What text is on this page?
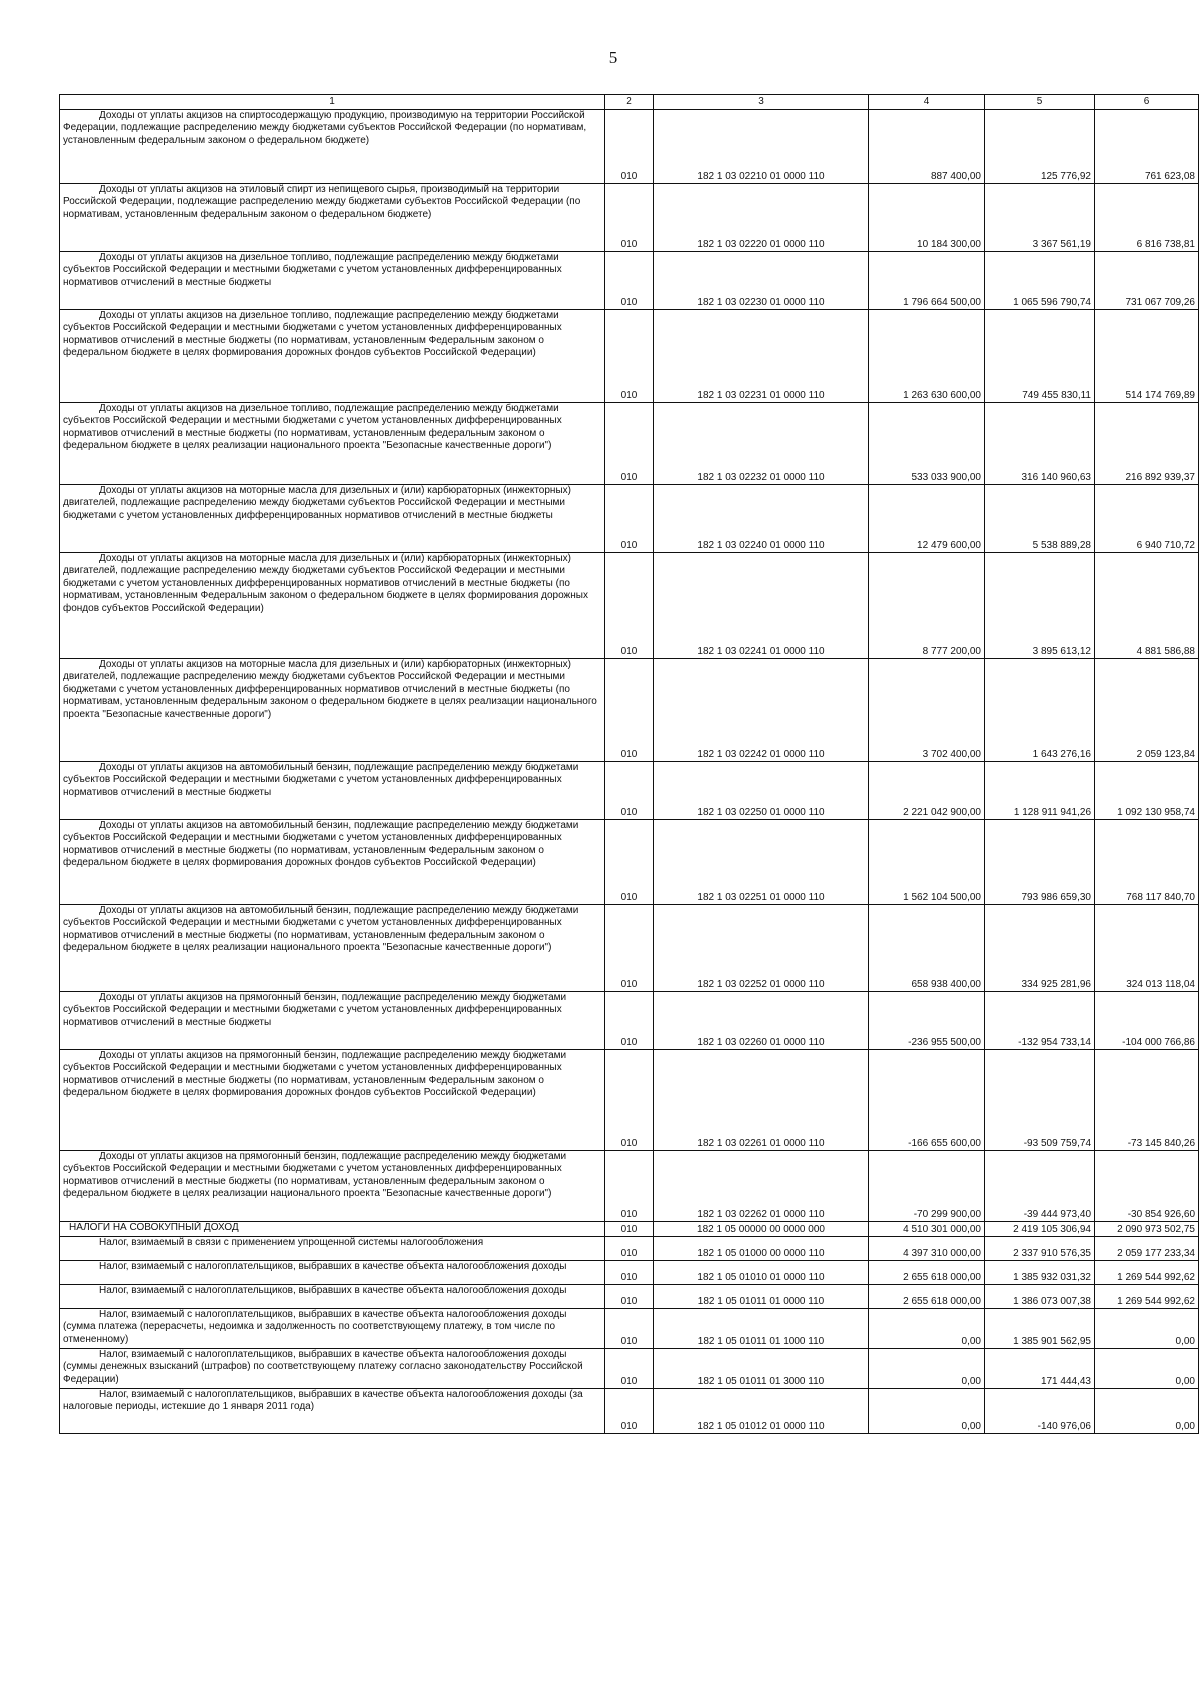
5
1	2	3	4	5	6

Доходы от уплаты акцизов на спиртосодержащую продукцию, производимую на территории Российской Федерации, подлежащие распределению между бюджетами субъектов Российской Федерации (по нормативам, установленным федеральным законом о федеральном бюджете)	010	182 1 03 02210 01 0000 110	887 400,00	125 776,92	761 623,08

Доходы от уплаты акцизов на этиловый спирт из непищевого сырья, производимый на территории Российской Федерации, подлежащие распределению между бюджетами субъектов Российской Федерации (по нормативам, установленным федеральным законом о федеральном бюджете)	010	182 1 03 02220 01 0000 110	10 184 300,00	3 367 561,19	6 816 738,81

Доходы от уплаты акцизов на дизельное топливо, подлежащие распределению между бюджетами субъектов Российской Федерации и местными бюджетами с учетом установленных дифференцированных нормативов отчислений в местные бюджеты	010	182 1 03 02230 01 0000 110	1 796 664 500,00	1 065 596 790,74	731 067 709,26

Доходы от уплаты акцизов на дизельное топливо, подлежащие распределению между бюджетами субъектов Российской Федерации и местными бюджетами с учетом установленных дифференцированных нормативов отчислений в местные бюджеты (по нормативам, установленным Федеральным законом о федеральном бюджете в целях формирования дорожных фондов субъектов Российской Федерации)	010	182 1 03 02231 01 0000 110	1 263 630 600,00	749 455 830,11	514 174 769,89

Доходы от уплаты акцизов на дизельное топливо, подлежащие распределению между бюджетами субъектов Российской Федерации и местными бюджетами с учетом установленных дифференцированных нормативов отчислений в местные бюджеты (по нормативам, установленным федеральным законом о федеральном бюджете в целях реализации национального проекта "Безопасные качественные дороги")	010	182 1 03 02232 01 0000 110	533 033 900,00	316 140 960,63	216 892 939,37

Доходы от уплаты акцизов на моторные масла для дизельных и (или) карбюраторных (инжекторных) двигателей, подлежащие распределению между бюджетами субъектов Российской Федерации и местными бюджетами с учетом установленных дифференцированных нормативов отчислений в местные бюджеты	010	182 1 03 02240 01 0000 110	12 479 600,00	5 538 889,28	6 940 710,72

Доходы от уплаты акцизов на моторные масла для дизельных и (или) карбюраторных (инжекторных) двигателей, подлежащие распределению между бюджетами субъектов Российской Федерации и местными бюджетами с учетом установленных дифференцированных нормативов отчислений в местные бюджеты (по нормативам, установленным Федеральным законом о федеральном бюджете в целях формирования дорожных фондов субъектов Российской Федерации)	010	182 1 03 02241 01 0000 110	8 777 200,00	3 895 613,12	4 881 586,88

Доходы от уплаты акцизов на моторные масла для дизельных и (или) карбюраторных (инжекторных) двигателей, подлежащие распределению между бюджетами субъектов Российской Федерации и местными бюджетами с учетом установленных дифференцированных нормативов отчислений в местные бюджеты (по нормативам, установленным федеральным законом о федеральном бюджете в целях реализации национального проекта "Безопасные качественные дороги")	010	182 1 03 02242 01 0000 110	3 702 400,00	1 643 276,16	2 059 123,84

Доходы от уплаты акцизов на автомобильный бензин, подлежащие распределению между бюджетами субъектов Российской Федерации и местными бюджетами с учетом установленных дифференцированных нормативов отчислений в местные бюджеты	010	182 1 03 02250 01 0000 110	2 221 042 900,00	1 128 911 941,26	1 092 130 958,74

Доходы от уплаты акцизов на автомобильный бензин, подлежащие распределению между бюджетами субъектов Российской Федерации и местными бюджетами с учетом установленных дифференцированных нормативов отчислений в местные бюджеты (по нормативам, установленным Федеральным законом о федеральном бюджете в целях формирования дорожных фондов субъектов Российской Федерации)	010	182 1 03 02251 01 0000 110	1 562 104 500,00	793 986 659,30	768 117 840,70

Доходы от уплаты акцизов на автомобильный бензин, подлежащие распределению между бюджетами субъектов Российской Федерации и местными бюджетами с учетом установленных дифференцированных нормативов отчислений в местные бюджеты (по нормативам, установленным федеральным законом о федеральном бюджете в целях реализации национального проекта "Безопасные качественные дороги")	010	182 1 03 02252 01 0000 110	658 938 400,00	334 925 281,96	324 013 118,04

Доходы от уплаты акцизов на прямогонный бензин, подлежащие распределению между бюджетами субъектов Российской Федерации и местными бюджетами с учетом установленных дифференцированных нормативов отчислений в местные бюджеты	010	182 1 03 02260 01 0000 110	-236 955 500,00	-132 954 733,14	-104 000 766,86

Доходы от уплаты акцизов на прямогонный бензин, подлежащие распределению между бюджетами субъектов Российской Федерации и местными бюджетами с учетом установленных дифференцированных нормативов отчислений в местные бюджеты (по нормативам, установленным Федеральным законом о федеральном бюджете в целях формирования дорожных фондов субъектов Российской Федерации)	010	182 1 03 02261 01 0000 110	-166 655 600,00	-93 509 759,74	-73 145 840,26

Доходы от уплаты акцизов на прямогонный бензин, подлежащие распределению между бюджетами субъектов Российской Федерации и местными бюджетами с учетом установленных дифференцированных нормативов отчислений в местные бюджеты (по нормативам, установленным федеральным законом о федеральном бюджете в целях реализации национального проекта "Безопасные качественные дороги")	010	182 1 03 02262 01 0000 110	-70 299 900,00	-39 444 973,40	-30 854 926,60

НАЛОГИ НА СОВОКУПНЫЙ ДОХОД	010	182 1 05 00000 00 0000 000	4 510 301 000,00	2 419 105 306,94	2 090 973 502,75

Налог, взимаемый в связи с применением упрощенной системы налогообложения	010	182 1 05 01000 00 0000 110	4 397 310 000,00	2 337 910 576,35	2 059 177 233,34

Налог, взимаемый с налогоплательщиков, выбравших в качестве объекта налогообложения доходы	010	182 1 05 01010 01 0000 110	2 655 618 000,00	1 385 932 031,32	1 269 544 992,62

Налог, взимаемый с налогоплательщиков, выбравших в качестве объекта налогообложения доходы	010	182 1 05 01011 01 0000 110	2 655 618 000,00	1 386 073 007,38	1 269 544 992,62

Налог, взимаемый с налогоплательщиков, выбравших в качестве объекта налогообложения доходы (сумма платежа (перерасчеты, недоимка и задолженность по соответствующему платежу, в том числе по отмененному)	010	182 1 05 01011 01 1000 110	0,00	1 385 901 562,95	0,00

Налог, взимаемый с налогоплательщиков, выбравших в качестве объекта налогообложения доходы (суммы денежных взысканий (штрафов) по соответствующему платежу согласно законодательству Российской Федерации)	010	182 1 05 01011 01 3000 110	0,00	171 444,43	0,00

Налог, взимаемый с налогоплательщиков, выбравших в качестве объекта налогообложения доходы (за налоговые периоды, истекшие до 1 января 2011 года)	010	182 1 05 01012 01 0000 110	0,00	-140 976,06	0,00
